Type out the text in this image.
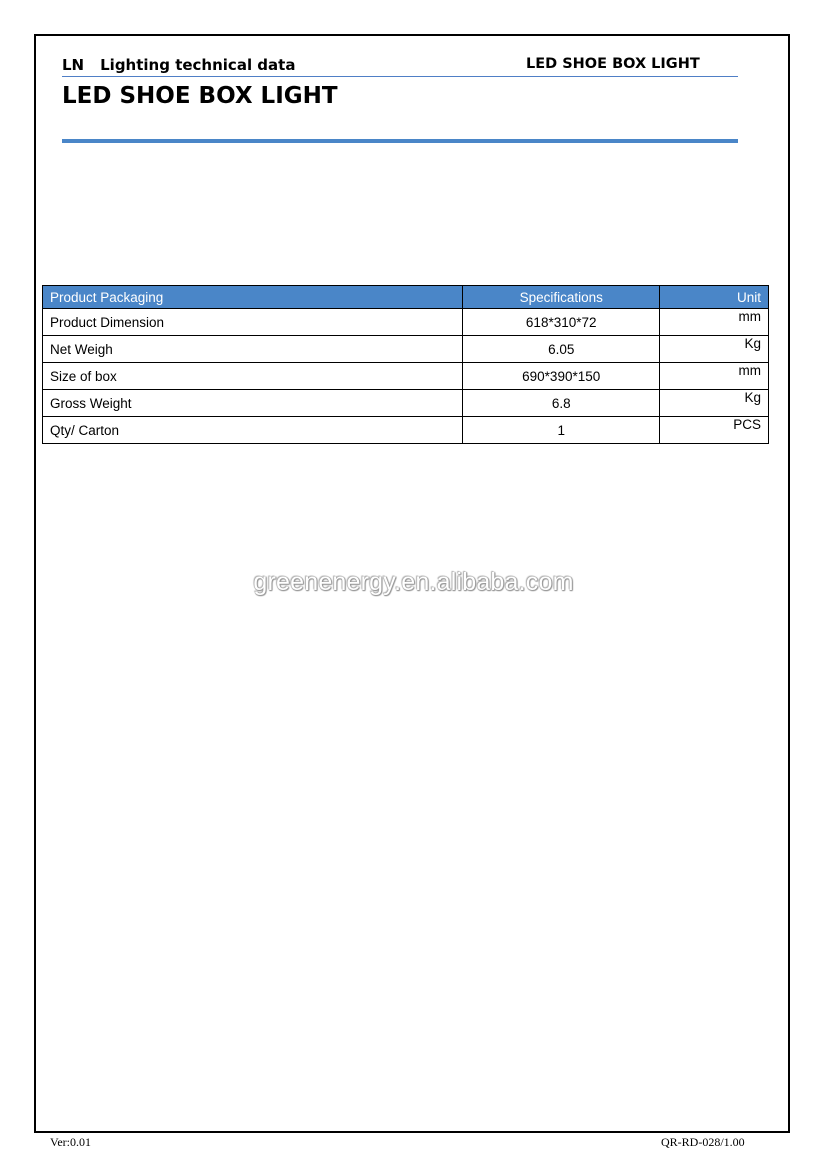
LN Lighting technical data	LED SHOE BOX LIGHT
LED SHOE BOX LIGHT
Product Packaging	Specifications	Unit
Product Dimension	618*310*72	mm
Net Weigh	6.05	Kg
Size of box	690*390*150	mm
Gross Weight	6.8	Kg
Qty/ Carton	1	PCS
greenenergy.en.alibaba.com
Ver:0.01	QR-RD-028/1.00
